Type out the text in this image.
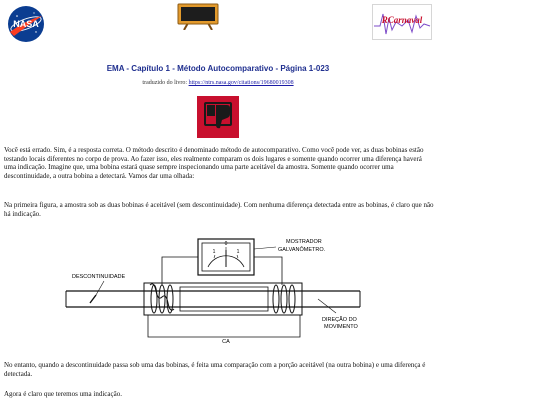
NASA	RCarnaval
EMA - Capítulo 1 - Método Autocomparativo - Página 1-023
traduzido do livro: https://ntrs.nasa.gov/citations/19680019308

Você está errado. Sim, é a resposta correta. O método descrito é denominado método de autocomparativo. Como você pode ver, as duas bobinas estão testando locais diferentes no corpo de prova. Ao fazer isso, eles realmente comparam os dois lugares e somente quando ocorrer uma diferença haverá uma indicação. Imagine que, uma bobina estará quase sempre inspecionando uma parte aceitável da amostra. Somente quando ocorrer uma descontinuidade, a outra bobina a detectará. Vamos dar uma olhada:

Na primeira figura, a amostra sob as duas bobinas é aceitável (sem descontinuidade). Com nenhuma diferença detectada entre as bobinas, é claro que não há indicação.

1
0
1
MOSTRADOR
GALVANÔMETRO.
DESCONTINUIDADE
DIREÇÃO DO
MOVIMENTO
CA

No entanto, quando a descontinuidade passa sob uma das bobinas, é feita uma comparação com a porção aceitável (na outra bobina) e uma diferença é detectada.

Agora é claro que teremos uma indicação.
